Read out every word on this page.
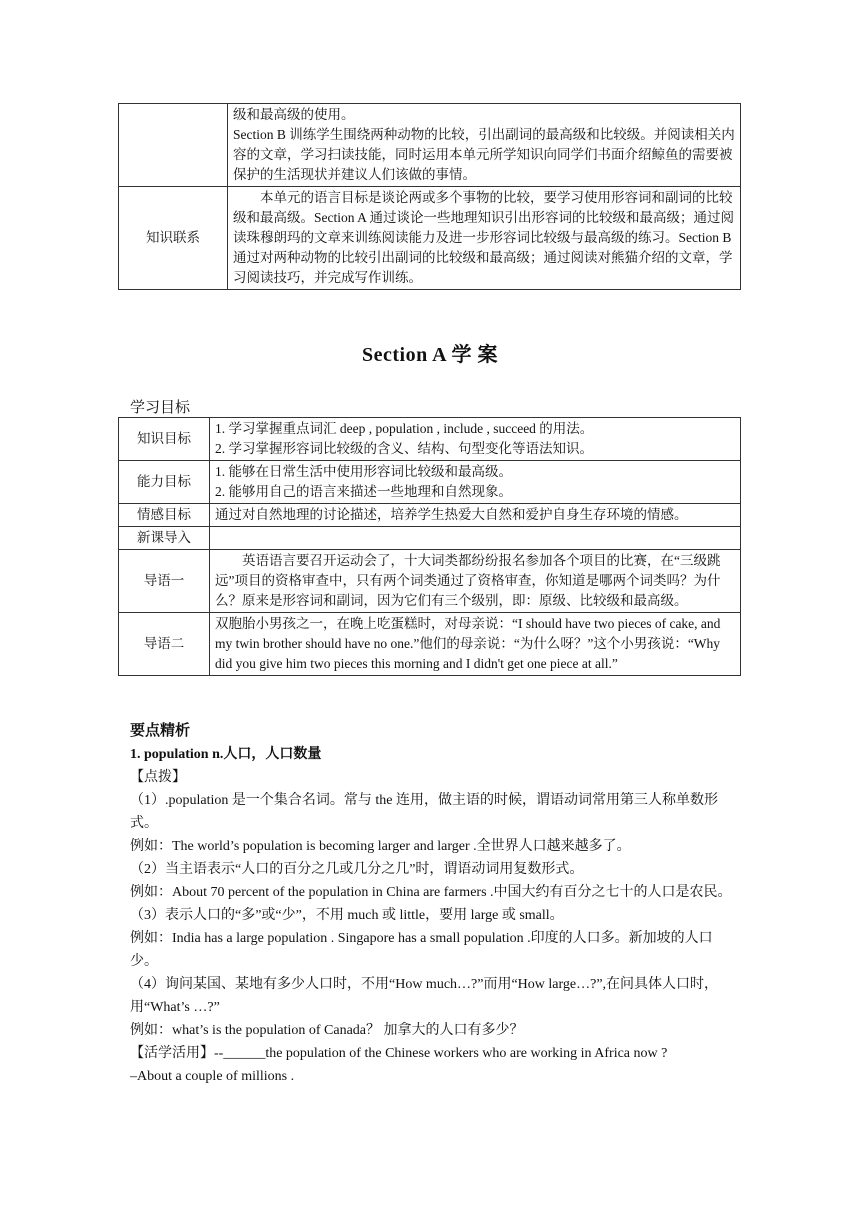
	级和最高级的使用。
Section B 训练学生围绕两种动物的比较，引出副词的最高级和比较级。并阅读相关内容的文章，学习扫读技能，同时运用本单元所学知识向同学们书面介绍鲸鱼的需要被保护的生活现状并建议人们该做的事情。

知识联系	本单元的语言目标是谈论两或多个事物的比较，要学习使用形容词和副词的比较级和最高级。Section A 通过谈论一些地理知识引出形容词的比较级和最高级；通过阅读珠穆朗玛的文章来训练阅读能力及进一步形容词比较级与最高级的练习。Section B 通过对两种动物的比较引出副词的比较级和最高级；通过阅读对熊猫介绍的文章，学习阅读技巧，并完成写作训练。
Section A 学 案
学习目标
知识目标	1. 学习掌握重点词汇 deep , population , include , succeed 的用法。
2. 学习掌握形容词比较级的含义、结构、句型变化等语法知识。

能力目标	1. 能够在日常生活中使用形容词比较级和最高级。
2. 能够用自己的语言来描述一些地理和自然现象。

情感目标	通过对自然地理的讨论描述，培养学生热爱大自然和爱护自身生存环境的情感。
新课导入	
导语一	英语语言要召开运动会了，十大词类都纷纷报名参加各个项目的比赛，在“三级跳远”项目的资格审查中，只有两个词类通过了资格审查，你知道是哪两个词类吗？为什么？原来是形容词和副词，因为它们有三个级别，即：原级、比较级和最高级。
导语二	双胞胎小男孩之一，在晚上吃蛋糕时，对母亲说：“I should have two pieces of cake, and my twin brother should have no one.”他们的母亲说：“为什么呀？”这个小男孩说：“Why did you give him two pieces this morning and I didn't get one piece at all.”

要点精析

1. population n.人口，人口数量

【点拨】

（1）.population 是一个集合名词。常与 the 连用，做主语的时候，谓语动词常用第三人称单数形式。

例如：The world’s population is becoming larger and larger .全世界人口越来越多了。

（2）当主语表示“人口的百分之几或几分之几”时，谓语动词用复数形式。

例如：About 70 percent of the population in China are farmers .中国大约有百分之七十的人口是农民。

（3）表示人口的“多”或“少”，不用 much 或 little，要用 large 或 small。

例如：India has a large population . Singapore has a small population .印度的人口多。新加坡的人口少。

（4）询问某国、某地有多少人口时，不用“How much…?”而用“How large…?”,在问具体人口时，用“What’s …?”

例如：what’s is the population of Canada？ 加拿大的人口有多少？

【活学活用】--______the population of the Chinese workers who are working in Africa now ?

–About a couple of millions .
